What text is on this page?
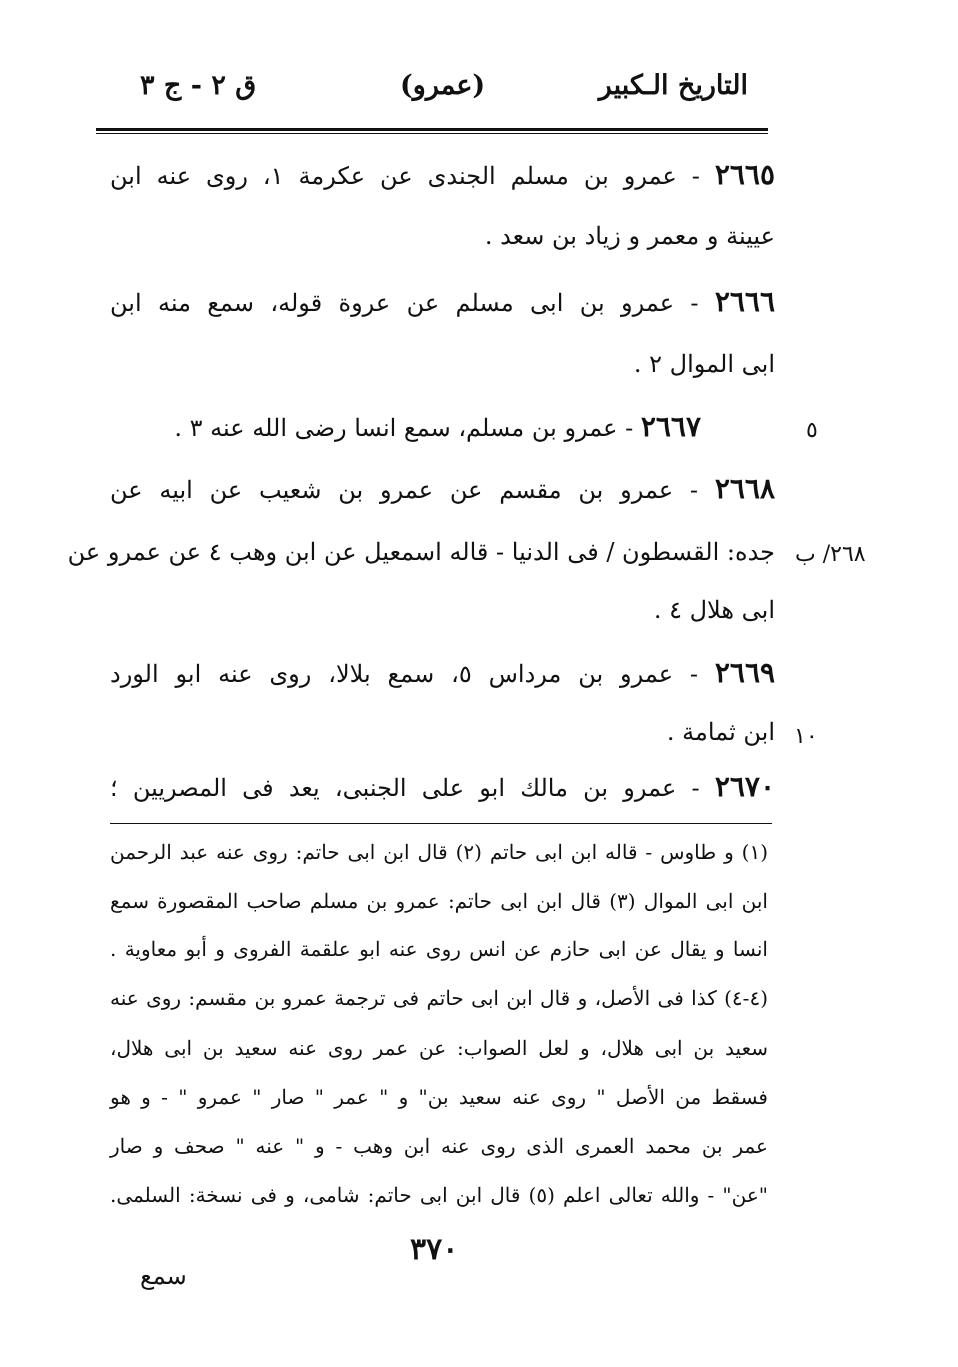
التاريخ الـكبير
(عمرو)
ق ٢ - ج ٣
٢٦٦٥ - عمرو بن مسلم الجندى عن عكرمة ١، روى عنه ابن
عيينة و معمر و زياد بن سعد .
٢٦٦٦ - عمرو بن ابى مسلم عن عروة قوله، سمع منه ابن
ابى الموال ٢ .
٢٦٦٧ - عمرو بن مسلم، سمع انسا رضى الله عنه ٣ .	٥
٢٦٦٨ - عمرو بن مقسم عن عمرو بن شعيب عن ابيه عن
جده: القسطون / فى الدنيا - قاله اسمعيل عن ابن وهب ٤ عن عمرو عن ٢٦٨/ ب
ابى هلال ٤ .
٢٦٦٩ - عمرو بن مرداس ٥، سمع بلالا، روى عنه ابو الورد
ابن ثمامة . ١٠
٢٦٧٠ - عمرو بن مالك ابو على الجنبى، يعد فى المصريين ؛
(١) و طاوس - قاله ابن ابى حاتم (٢) قال ابن ابى حاتم: روى عنه عبد الرحمن
ابن ابى الموال (٣) قال ابن ابى حاتم: عمرو بن مسلم صاحب المقصورة سمع
انسا و يقال عن ابى حازم عن انس روى عنه ابو علقمة الفروى و أبو معاوية .
(٤-٤) كذا فى الأصل، و قال ابن ابى حاتم فى ترجمة عمرو بن مقسم: روى عنه
سعيد بن ابى هلال، و لعل الصواب: عن عمر روى عنه سعيد بن ابى هلال،
فسقط من الأصل " روى عنه سعيد بن" و " عمر " صار " عمرو " - و هو
عمر بن محمد العمرى الذى روى عنه ابن وهب - و " عنه " صحف و صار
"عن" - والله تعالى اعلم (٥) قال ابن ابى حاتم: شامى، و فى نسخة: السلمى.
٣٧٠
سمع
